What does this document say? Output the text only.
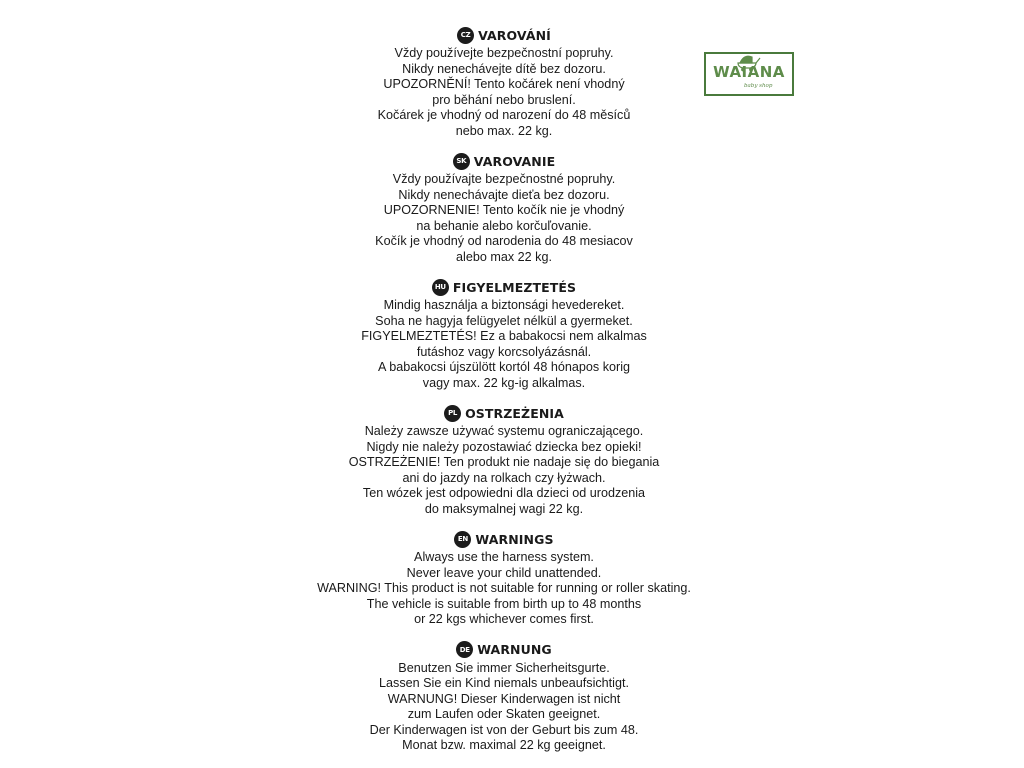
WAIANA
baby shop
CZ VAROVÁNÍ
Vždy používejte bezpečnostní popruhy.
Nikdy nenechávejte dítě bez dozoru.
UPOZORNĚNÍ! Tento kočárek není vhodný
pro běhání nebo bruslení.
Kočárek je vhodný od narození do 48 měsíců
nebo max. 22 kg.
SK VAROVANIE
Vždy používajte bezpečnostné popruhy.
Nikdy nenechávajte dieťa bez dozoru.
UPOZORNENIE! Tento kočík nie je vhodný
na behanie alebo korčuľovanie.
Kočík je vhodný od narodenia do 48 mesiacov
alebo max 22 kg.
HU FIGYELMEZTETÉS
Mindig használja a biztonsági hevedereket.
Soha ne hagyja felügyelet nélkül a gyermeket.
FIGYELMEZTETÉS! Ez a babakocsi nem alkalmas
futáshoz vagy korcsolyázásnál.
A babakocsi újszülött kortól 48 hónapos korig
vagy max. 22 kg-ig alkalmas.
PL OSTRZEŻENIA
Należy zawsze używać systemu ograniczającego.
Nigdy nie należy pozostawiać dziecka bez opieki!
OSTRZEŻENIE! Ten produkt nie nadaje się do biegania
ani do jazdy na rolkach czy łyżwach.
Ten wózek jest odpowiedni dla dzieci od urodzenia
do maksymalnej wagi 22 kg.
EN WARNINGS
Always use the harness system.
Never leave your child unattended.
WARNING! This product is not suitable for running or roller skating.
The vehicle is suitable from birth up to 48 months
or 22 kgs whichever comes first.
DE WARNUNG
Benutzen Sie immer Sicherheitsgurte.
Lassen Sie ein Kind niemals unbeaufsichtigt.
WARNUNG! Dieser Kinderwagen ist nicht
zum Laufen oder Skaten geeignet.
Der Kinderwagen ist von der Geburt bis zum 48.
Monat bzw. maximal 22 kg geeignet.
